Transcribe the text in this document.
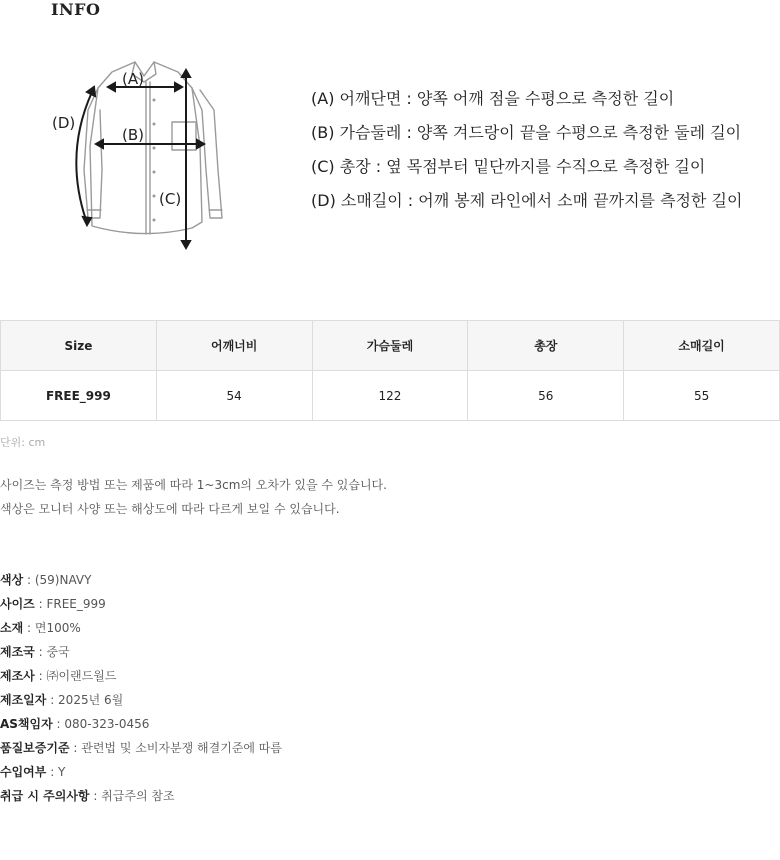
INFO
(A)
(B)
(C)
(D)
(A) 어깨단면 : 양쪽 어깨 점을 수평으로 측정한 길이
(B) 가슴둘레 : 양쪽 겨드랑이 끝을 수평으로 측정한 둘레 길이
(C) 총장 : 옆 목점부터 밑단까지를 수직으로 측정한 길이
(D) 소매길이 : 어깨 봉제 라인에서 소매 끝까지를 측정한 길이
Size	어깨너비	가슴둘레	총장	소매길이
FREE_999	54	122	56	55
단위: cm

사이즈는 측정 방법 또는 제품에 따라 1~3cm의 오차가 있을 수 있습니다.

색상은 모니터 사양 또는 해상도에 따라 다르게 보일 수 있습니다.

색상 : (59)NAVY
사이즈 : FREE_999
소재 : 면100%
제조국 : 중국
제조사 : ㈜이랜드월드
제조일자 : 2025년 6월
AS책임자 : 080-323-0456
품질보증기준 : 관련법 및 소비자분쟁 해결기준에 따름
수입여부 : Y
취급 시 주의사항 : 취급주의 참조
